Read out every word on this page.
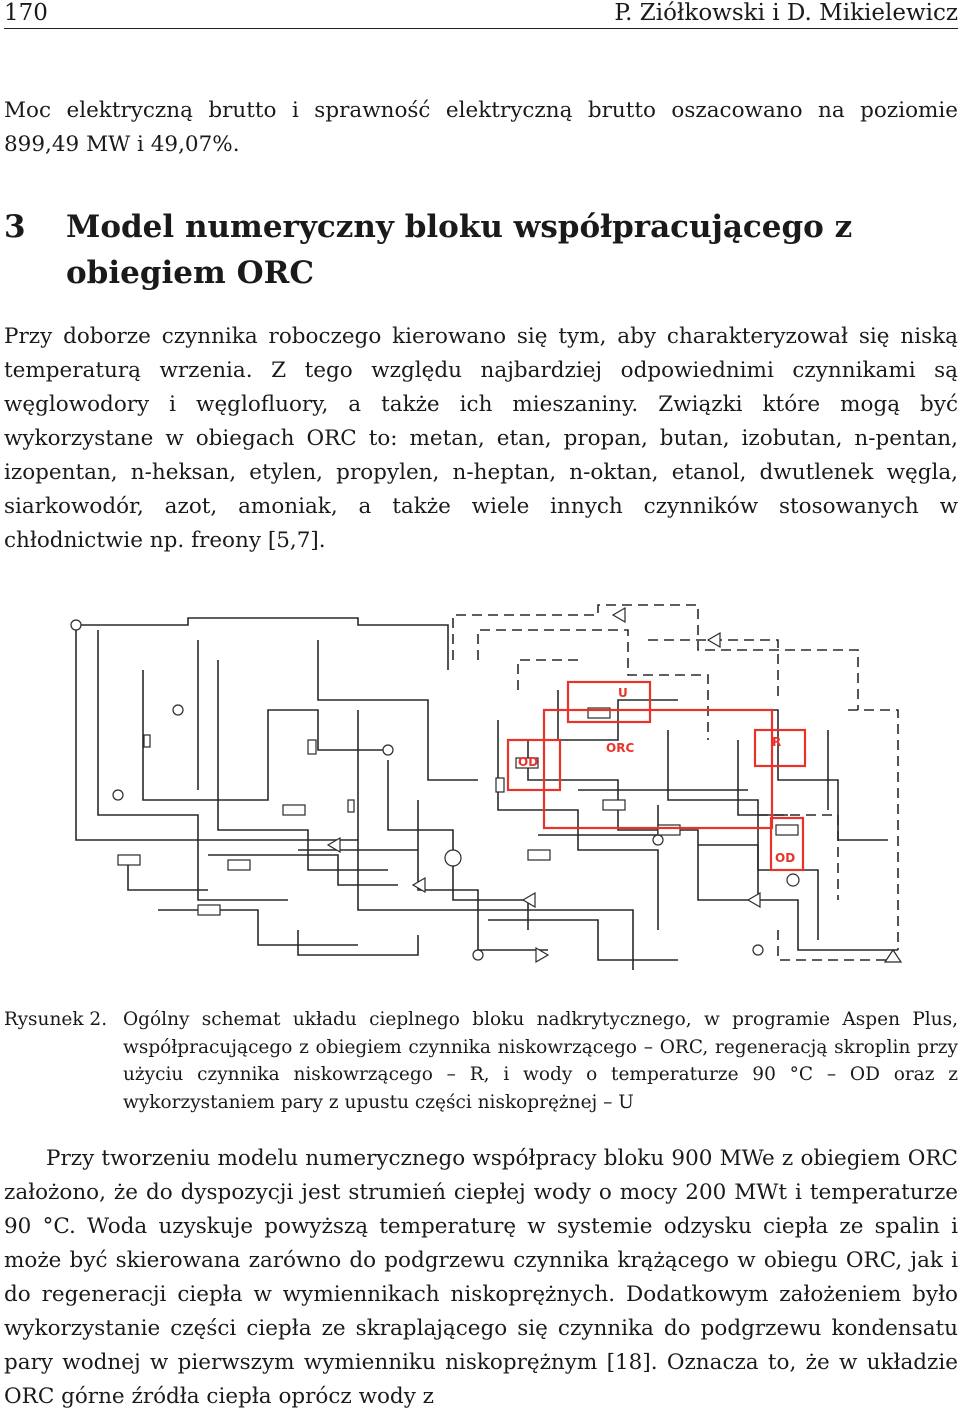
170	P. Ziółkowski i D. Mikielewicz

Moc elektryczną brutto i sprawność elektryczną brutto oszacowano na poziomie 899,49 MW i 49,07%.

3 Model numeryczny bloku współpracującego z obiegiem ORC

Przy doborze czynnika roboczego kierowano się tym, aby charakteryzował się niską temperaturą wrzenia. Z tego względu najbardziej odpowiednimi czynnikami są węglowodory i węglofluory, a także ich mieszaniny. Związki które mogą być wykorzystane w obiegach ORC to: metan, etan, propan, butan, izobutan, n-pentan, izopentan, n-heksan, etylen, propylen, n-heptan, n-oktan, etanol, dwutlenek węgla, siarkowodór, azot, amoniak, a także wiele innych czynników stosowanych w chłodnictwie np. freony [5,7].

U
OD
ORC	R
OD
Rysunek 2. Ogólny schemat układu cieplnego bloku nadkrytycznego, w programie Aspen Plus, współpracującego z obiegiem czynnika niskowrzącego – ORC, regeneracją skroplin przy użyciu czynnika niskowrzącego – R, i wody o temperaturze 90 °C – OD oraz z wykorzystaniem pary z upustu części niskoprężnej – U

Przy tworzeniu modelu numerycznego współpracy bloku 900 MWe z obiegiem ORC założono, że do dyspozycji jest strumień ciepłej wody o mocy 200 MWt i temperaturze 90 °C. Woda uzyskuje powyższą temperaturę w systemie odzysku ciepła ze spalin i może być skierowana zarówno do podgrzewu czynnika krążącego w obiegu ORC, jak i do regeneracji ciepła w wymiennikach niskoprężnych. Dodatkowym założeniem było wykorzystanie części ciepła ze skraplającego się czynnika do podgrzewu kondensatu pary wodnej w pierwszym wymienniku niskoprężnym [18]. Oznacza to, że w układzie ORC górne źródła ciepła oprócz wody z
